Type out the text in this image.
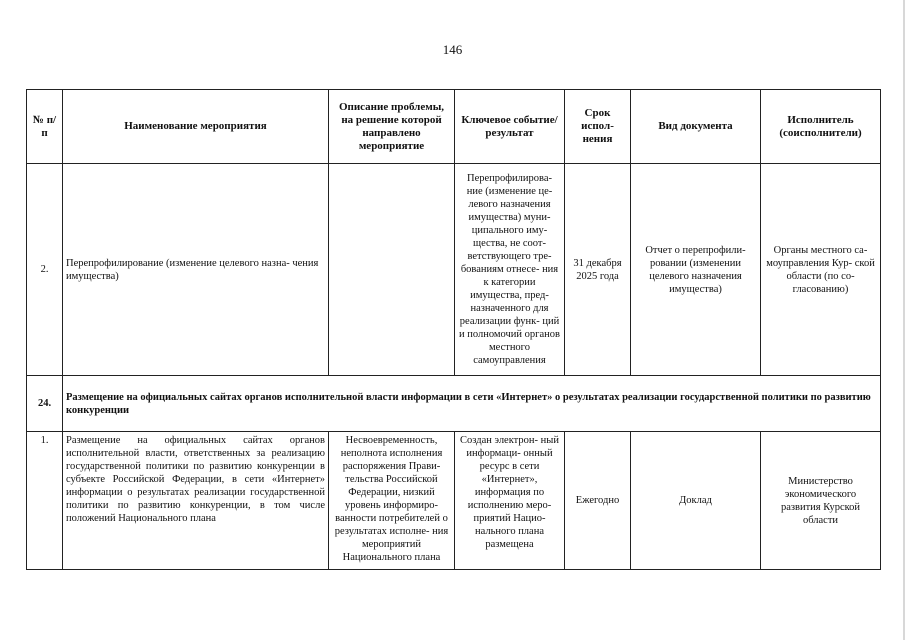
146
№ п/п	Наименование мероприятия	Описание проблемы, на решение которой направлено мероприятие	Ключевое событие/ результат	Срок испол- нения	Вид документа	Исполнитель (соисполнители)
2.	Перепрофилирование (изменение целевого назна- чения имущества)		Перепрофилирова- ние (изменение це- левого назначения имущества) муни- ципального иму- щества, не соот- ветствующего тре- бованиям отнесе- ния к категории имущества, пред- назначенного для реализации функ- ций и полномочий органов местного самоуправления	31 декабря 2025 года	Отчет о перепрофили- ровании (изменении целевого назначения имущества)	Органы местного са- моуправления Кур- ской области (по со- гласованию)
24.	Размещение на официальных сайтах органов исполнительной власти информации в сети «Интернет» о результатах реализации государственной политики по развитию конкуренции					
1.	Размещение на официальных сайтах органов исполнительной власти, ответственных за реализацию государственной политики по развитию конкуренции в субъекте Российской Федерации, в сети «Интернет» информации о результатах реализации государственной политики по развитию конкуренции, в том числе положений Национального плана	Несвоевременность, неполнота исполнения распоряжения Прави- тельства Российской Федерации, низкий уровень информиро- ванности потребителей о результатах исполне- ния мероприятий Национального плана	Создан электрон- ный информаци- онный ресурс в сети «Интернет», информация по исполнению меро- приятий Нацио- нального плана размещена	Ежегодно	Доклад	Министерство экономического развития Курской области
